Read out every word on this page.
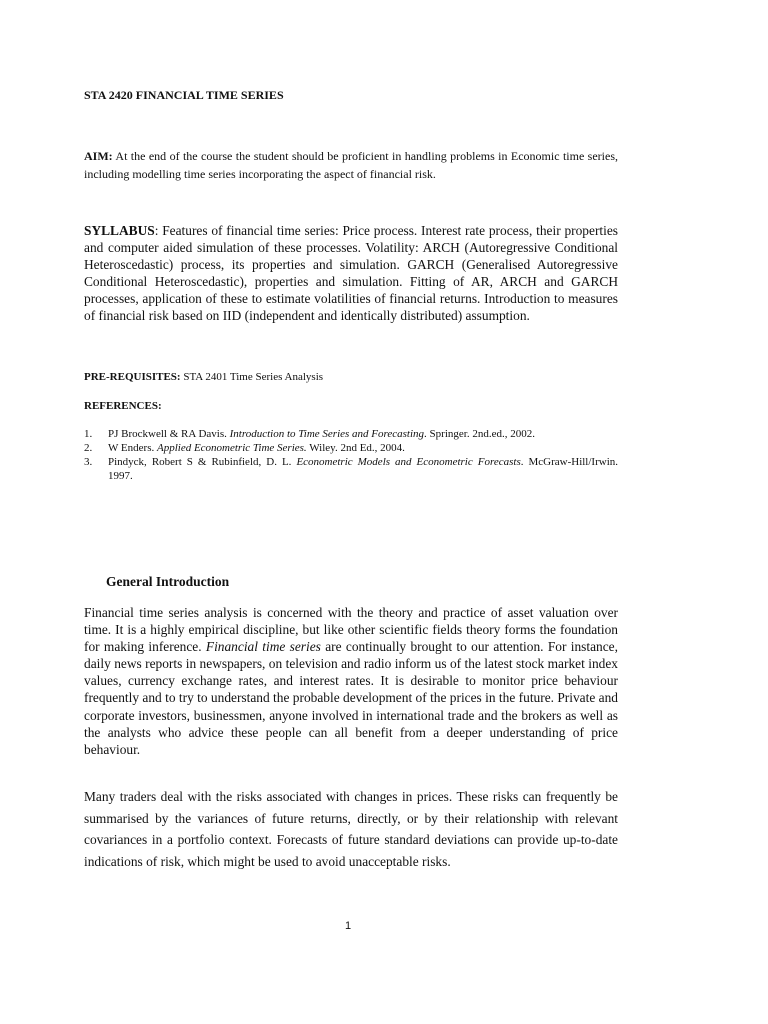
STA 2420 FINANCIAL TIME SERIES
AIM: At the end of the course the student should be proficient in handling problems in Economic time series, including modelling time series incorporating the aspect of financial risk.
SYLLABUS: Features of financial time series: Price process. Interest rate process, their properties and computer aided simulation of these processes. Volatility: ARCH (Autoregressive Conditional Heteroscedastic) process, its properties and simulation. GARCH (Generalised Autoregressive Conditional Heteroscedastic), properties and simulation. Fitting of AR, ARCH and GARCH processes, application of these to estimate volatilities of financial returns. Introduction to measures of financial risk based on IID (independent and identically distributed) assumption.
PRE-REQUISITES: STA 2401 Time Series Analysis
REFERENCES:
1.	PJ Brockwell & RA Davis. Introduction to Time Series and Forecasting. Springer. 2nd.ed., 2002.
2.	W Enders. Applied Econometric Time Series. Wiley. 2nd Ed., 2004.
3.	Pindyck, Robert S & Rubinfield, D. L. Econometric Models and Econometric Forecasts. McGraw-Hill/Irwin. 1997.
General Introduction
Financial time series analysis is concerned with the theory and practice of asset valuation over time. It is a highly empirical discipline, but like other scientific fields theory forms the foundation for making inference. Financial time series are continually brought to our attention. For instance, daily news reports in newspapers, on television and radio inform us of the latest stock market index values, currency exchange rates, and interest rates. It is desirable to monitor price behaviour frequently and to try to understand the probable development of the prices in the future. Private and corporate investors, businessmen, anyone involved in international trade and the brokers as well as the analysts who advice these people can all benefit from a deeper understanding of price behaviour.
Many traders deal with the risks associated with changes in prices. These risks can frequently be summarised by the variances of future returns, directly, or by their relationship with relevant covariances in a portfolio context. Forecasts of future standard deviations can provide up-to-date indications of risk, which might be used to avoid unacceptable risks.
1
